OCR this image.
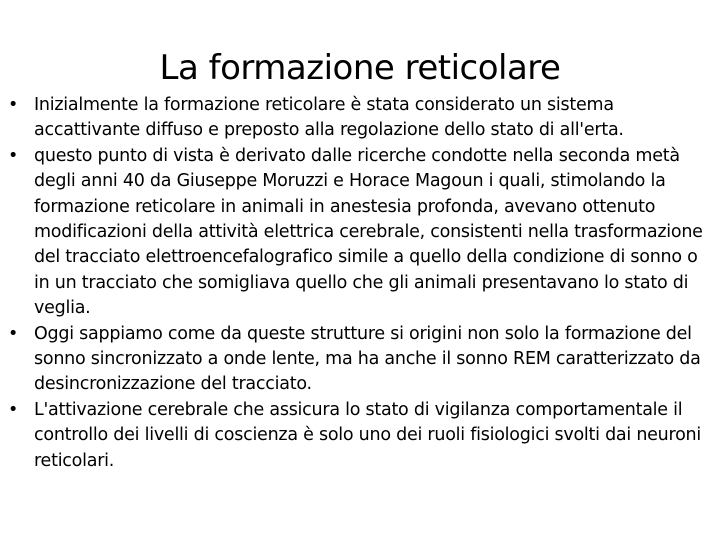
La formazione reticolare
• Inizialmente la formazione reticolare è stata considerato un sistema accattivante diffuso e preposto alla regolazione dello stato di all'erta.
• questo punto di vista è derivato dalle ricerche condotte nella seconda metà degli anni 40 da Giuseppe Moruzzi e Horace Magoun i quali, stimolando la formazione reticolare in animali in anestesia profonda, avevano ottenuto modificazioni della attività elettrica cerebrale, consistenti nella trasformazione del tracciato elettroencefalografico simile a quello della condizione di sonno o in un tracciato che somigliava quello che gli animali presentavano lo stato di veglia.
• Oggi sappiamo come da queste strutture si origini non solo la formazione del sonno sincronizzato a onde lente, ma ha anche il sonno REM caratterizzato da desincronizzazione del tracciato.
• L'attivazione cerebrale che assicura lo stato di vigilanza comportamentale il controllo dei livelli di coscienza è solo uno dei ruoli fisiologici svolti dai neuroni reticolari.
